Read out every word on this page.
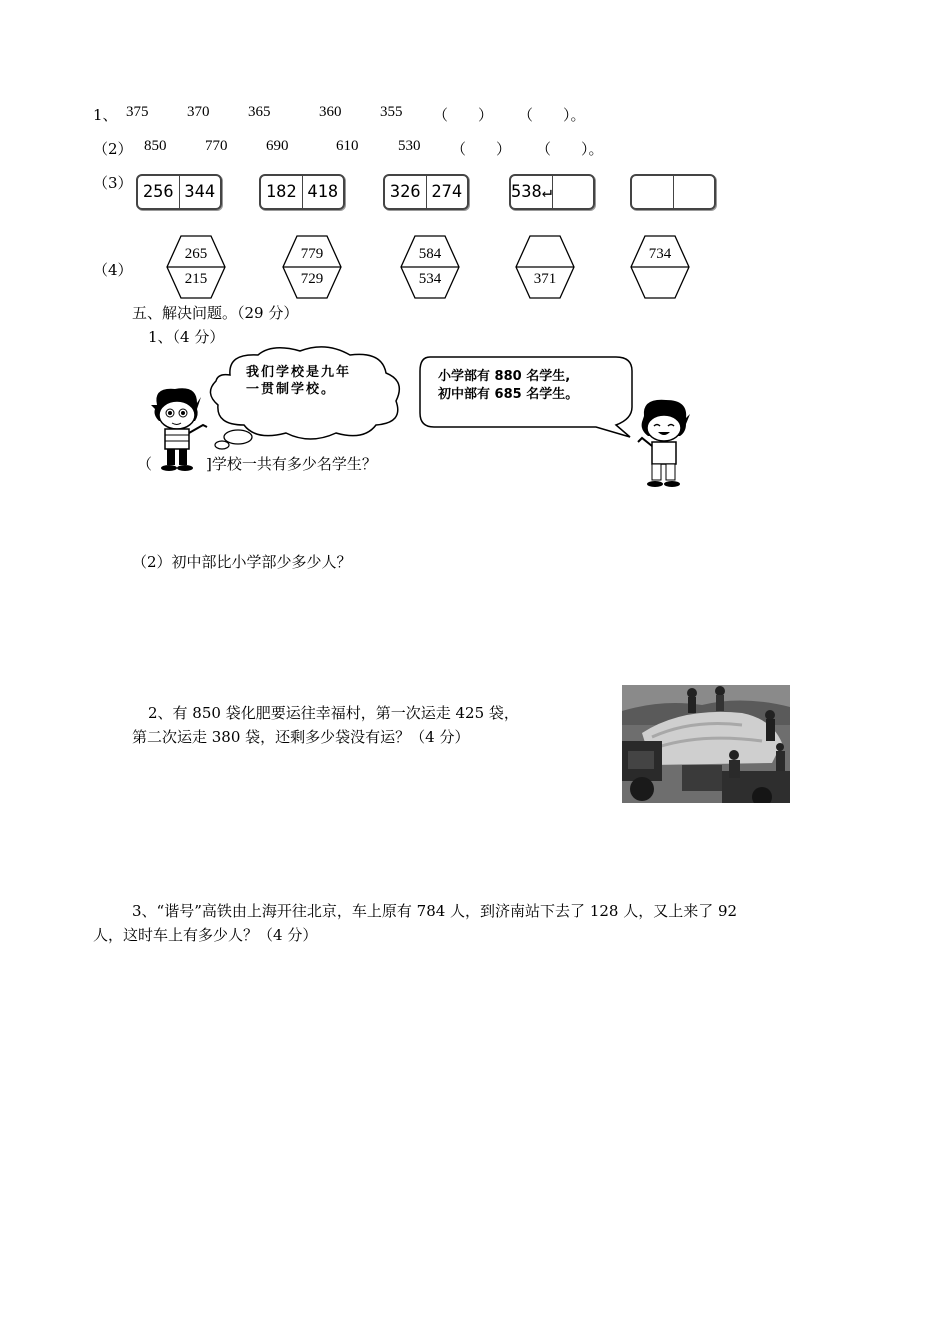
1、 375	370	365	360	355 （　　） （　　）。
（2） 850	770	690	610	530 （　　） （　　）。
（3） 256 344	182 418	326 274	538↵
（4）
265
215
779
729
584
534	371
734
五、解决问题。（29 分）
1、（4 分）
我们学校是九年一贯制学校。
小学部有 880 名学生,
初中部有 685 名学生。
（	]学校一共有多少名学生？
（2）初中部比小学部少多少人？
2、有 850 袋化肥要运往幸福村，第一次运走 425 袋，
第二次运走 380 袋，还剩多少袋没有运？（4 分）
3、“谐号”高铁由上海开往北京，车上原有 784 人，到济南站下去了 128 人，又上来了 92
人，这时车上有多少人？（4 分）
